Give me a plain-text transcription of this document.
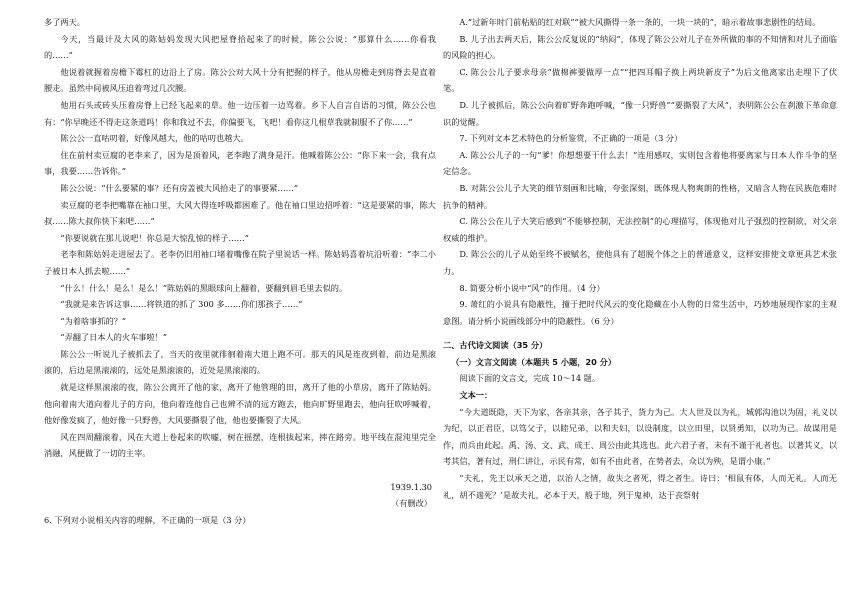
多了两天。

今天，当最计及大风的陈姑妈发现大风把屋脊拾起来了的时候，陈公公说：“那算什么……你看我的……”

他说着就握着房檐下霉杠的边沿上了房。陈公公对大风十分有把握的样子，他从房檐走到房脊去是直着腰走。虽然中间被风压迫着弯过几次腰。

他用石头或砖头压着房脊上已经飞起来的草。他一边压着一边骂着。乡下人自言自语的习惯，陈公公也有：“你早晚还不得走这条道吗！你和我过不去，你偏要飞，飞吧！看你这几根草我就制服不了你……”

陈公公一直咕叨着，好像风越大，他的咕叨也越大。

住在前村卖豆腐的老李来了，因为是顶着风，老李跑了满身是汗。他喊着陈公公：“你下来一会，我有点事，我要……告诉你。”

陈公公说：“什么要紧的事？还有房盖被大风拾走了的事要紧……”

卖豆腐的老李把嘴靠在袖口里，大风大得连呼吸都困难了。他在袖口里边招呼着：“这是要紧的事，陈大叔……陈大叔你快下来吧……”

“你要说就在那儿说吧！你总是大惊乱惊的样子……”

老李和陈姑妈走进屋去了。老李仍旧用袖口堵着嘴像在院子里说话一样。陈姑妈喜着坑沿听着：“李二小子被日本人抓去啦……”

“什么！什么！是么！是么！”陈姑妈的黑眼球向上翻着，要翻到眉毛里去似的。

“我就是来告诉这事……将铁道的抓了 300 多……你们那孩子……”

“为着啥事抓的？”

“弄翻了日本人的火车事啦！”

陈公公一听说儿子被抓去了，当天的夜里就徘徊着南大道上跑不可。那天的风是连夜到着，前边是黑滚滚的，后边是黑滚滚的，远处是黑滚滚的，近处是黑滚滚的。

就是这样黑滚滚的夜，陈公公离开了他的家，离开了他管理的田，离开了他的小草房，离开了陈姑妈。他向着南大道向着儿子的方向，他向着连他自己也辨不清的远方跑去，他向旷野里跑去，他向狂吹呼喊着，他好像发疯了，他好像一只野兽，大风要撕裂了他，他也要撕裂了大风。

风在四周翻滚着，风在大道上卷起来的吹嘘，树在摇摆，连根拔起来，摔在路旁。地平线在混沌里完全消融，风便做了一切的主宰。

1939.1.30

（有删改）

6. 下列对小说相关内容的理解，不正确的一项是（3 分）

A.“过新年时门前粘贴的红对联”“被大风撕得一条一条的，一块一块的”，暗示着故事悲剧性的结局。

B. 儿子出去两天后，陈公公反复说的“纳闷”，体现了陈公公对儿子在外所做的事的不知情和对儿子面临的风险的担心。

C. 陈公公儿子要求母亲“做棉裤要做厚一点”“把四耳帽子换上两块新皮子”为后文他离家出走埋下了伏笔。

D. 儿子被抓后，陈公公向着旷野奔跑呼喊，“像一只野兽”“要撕裂了大风”，表明陈公公在刹激下革命意识的觉醒。

7. 下列对文本艺术特色的分析鉴赏，不正确的一项是（3 分）

A. 陈公公儿子的一句“爹！你想想要干什么去！”连用感叹，实则包含着他将要离家与日本人作斗争的坚定信念。

B. 对陈公公儿子大笑的细节刻画和比喻，夸张深刻，既体现人物爽朗的性格，又暗含人物在民族危难时抗争的精神。

C. 陈公公在儿子大笑后感到“不能够控制，无法控制”的心理描写，体现他对儿子强烈的控制欲，对父亲权威的维护。

D. 陈公公的儿子从始至终不被赋名，使他具有了超脱个体之上的普通意义，这样安排使文章更具艺术张力。

8. 简要分析小说中“风”的作用。（4 分）

9. 萧红的小说具有隐蔽性，撞于把时代风云的变化隐藏在小人物的日常生活中，巧妙地展现作家的主观意图。请分析小说画线部分中的隐蔽性。（6 分）

二、古代诗文阅读（35 分）

（一）文言文阅读（本题共 5 小题，20 分）

阅读下面的文言文，完成 10～14 题。

文本一：

“今大道既隐，天下为家，各亲其亲，各子其子，货力为己。大人世及以为礼，城郭沟池以为固，礼义以为纪，以正君臣，以笃父子，以睦兄弟，以和夫妇，以设制度，以立田里，以贤勇知，以功为己。故谋用是作，而兵由此起。禹、汤、文、武、成王、周公由此其选也。此六君子者，未有不谨于礼者也。以著其义，以考其信，著有过，刑仁讲让，示民有常，如有不由此者，在势者去，众以为殃，是谓小康。”

“夫礼，先王以承天之道，以治人之情，故失之者死，得之者生。诗曰：‘相鼠有体，人而无礼。人而无礼，胡不遄死？’是故夫礼，必本于天，般于地，列于鬼神，达于丧祭射
